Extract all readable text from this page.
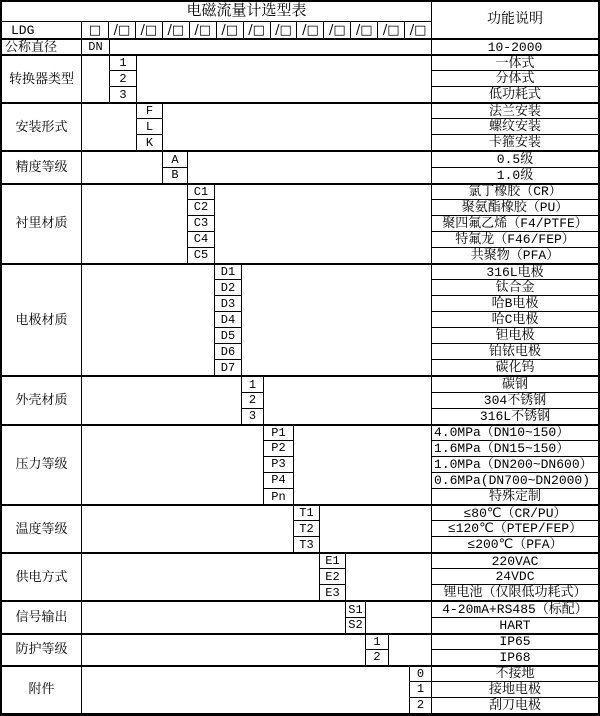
电磁流量计选型表	功能说明
LDG	□ /□ /□ /□ /□ /□ /□ /□ /□ /□ /□ /□ /□
公称直径	DN	10-2000
转换器类型
1	一体式
2	分体式
3	低功耗式
安装形式
F	法兰安装
L	螺纹安装
K	卡箍安装
精度等级
A	0.5级
B	1.0级
衬里材质
C1	氯丁橡胶（CR）
C2	聚氨酯橡胶（PU）
C3	聚四氟乙烯（F4/PTFE）
C4	特氟龙（F46/FEP）
C5	共聚物（PFA）
电极材质
D1	316L电极
D2	钛合金
D3	哈B电极
D4	哈C电极
D5	钽电极
D6	铂铱电极
D7	碳化钨
外壳材质
1	碳钢
2	304不锈钢
3	316L不锈钢
压力等级
P1	4.0MPa（DN10~150）
P2	1.6MPa（DN15~150）
P3	1.0MPa（DN200~DN600）
P4	0.6MPa(DN700~DN2000)
Pn	特殊定制
温度等级
T1	≤80℃（CR/PU）
T2	≤120℃（PTEP/FEP）
T3	≤200℃（PFA）
供电方式
E1	220VAC
E2	24VDC
E3	锂电池（仅限低功耗式）
信号输出
S1	4-20mA+RS485（标配）
S2	HART
防护等级
1	IP65
2	IP68
附件
0	不接地
1	接地电极
2	刮刀电极
